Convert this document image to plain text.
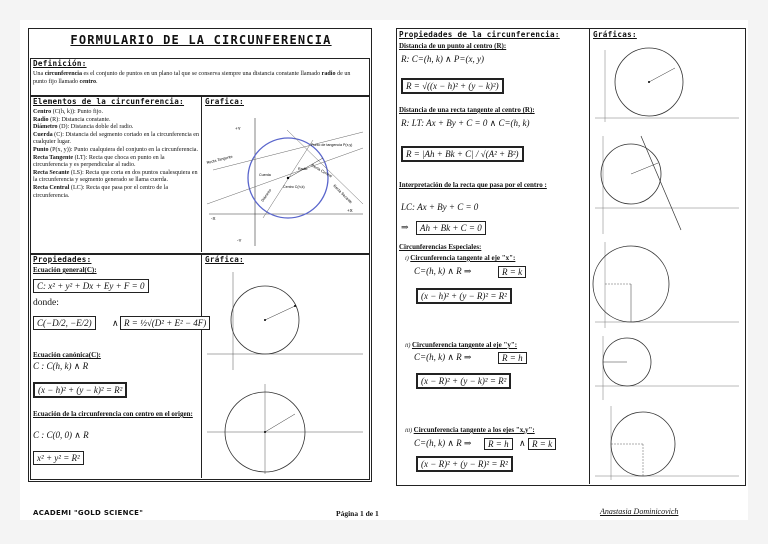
FORMULARIO DE LA CIRCUNFERENCIA
Definición:
Una circunferencia es el conjunto de puntos en un plano tal que se conserva siempre una distancia constante llamado radio de un punto fijo llamado centro.
Elementos de la circunferencia:	Grafica:
Centro (C(h, k)): Punto fijo.
Radio (R): Distancia constante.
Diámetro (D): Distancia doble del radio.
Cuerda (C): Distancia del segmento cortado en la circunferencia en cualquier lugar.
Punto (P(x, y)): Punto cualquiera del conjunto en la circunferencia.
Recta Tangente (LT): Recta que choca en punto en la circunferencia y es perpendicular al radio.
Recta Secante (LS): Recta que corta en dos puntos cualesquiera en la circunferencia y segmento generado se llama cuerda.
Recta Central (LC): Recta que pasa por el centro de la circunferencia.
+Y
+X
-X
-Y
Recta Tangente
Punto de tangencia P(x,y)
Recta Central
Recta Secante
Centro C(h,k)
Cuerda
Radio
Diámetro
Propiedades:	Gráfica:
Ecuación general(C):
C: x² + y² + Dx + Ey + F = 0
donde:
C(−D/2, −E/2)	∧ R = ½√(D² + E² − 4F)
Ecuación canónica(C):
C : C(h, k) ∧ R
(x − h)² + (y − k)² = R²
Ecuación de la circunferencia con centro en el origen:
C : C(0, 0) ∧ R
x² + y² = R²
Propiedades de la circunferencia:	Gráficas:
Distancia de un punto al centro (R):
R: C=(h, k) ∧ P=(x, y)
R = √((x − h)² + (y − k)²)
Distancia de una recta tangente al centro (R):
R: LT: Ax + By + C = 0 ∧ C=(h, k)
R = |Ah + Bk + C| / √(A² + B²)
Interpretación de la recta que pasa por el centro :
LC: Ax + By + C = 0
⇒	Ah + Bk + C = 0
Circunferencias Especiales:
i) Circunferencia tangente al eje "x":
C=(h, k) ∧ R ⇒	R = k
(x − h)² + (y − R)² = R²
ii) Circunferencia tangente al eje "y":
C=(h, k) ∧ R ⇒	R = h
(x − R)² + (y − k)² = R²
iii) Circunferencia tangente a los ejes "x,y":
C=(h, k) ∧ R ⇒	R = h	∧ R = k
(x − R)² + (y − R)² = R²
ACADEMI "GOLD SCIENCE"	Página 1 de 1	Anastasia Dominicovich
